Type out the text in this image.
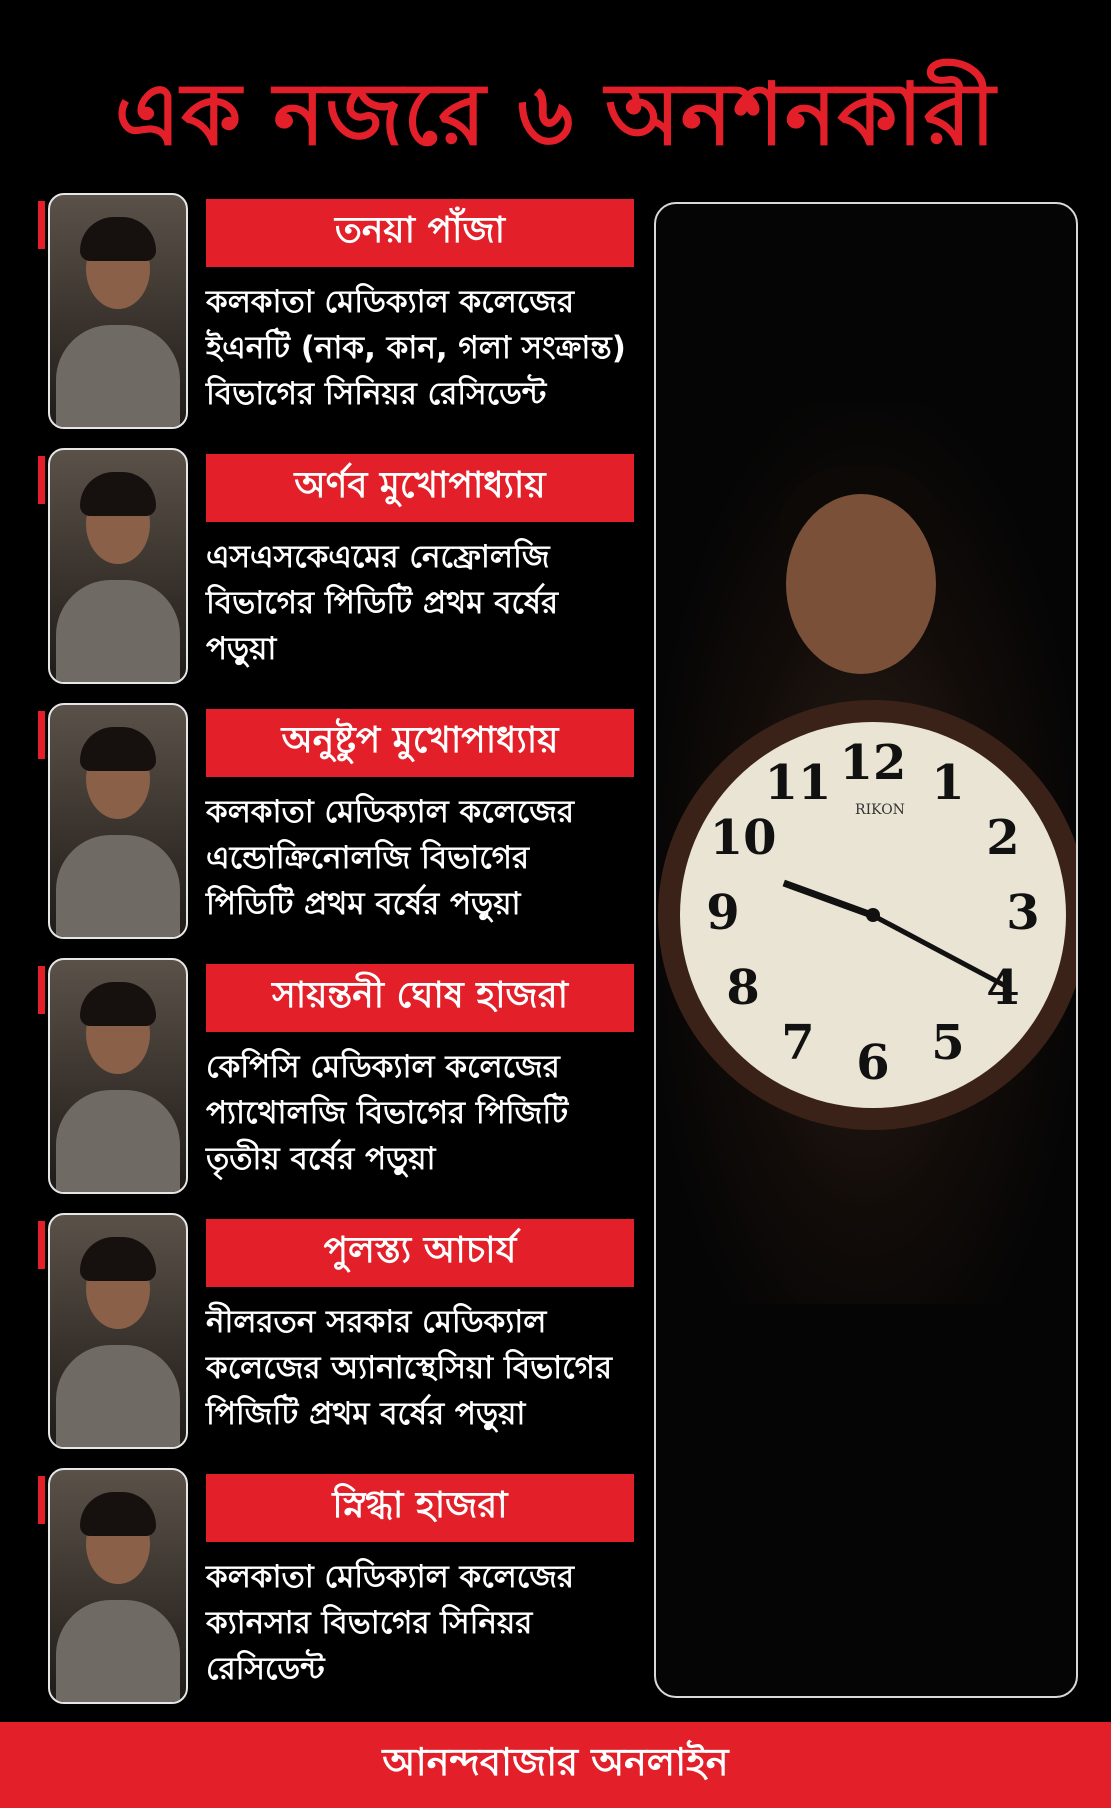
এক নজরে ৬ অনশনকারী
তনয়া পাঁজা
কলকাতা মেডিক্যাল কলেজের
ইএনটি (নাক, কান, গলা সংক্রান্ত)
বিভাগের সিনিয়র রেসিডেন্ট
অর্ণব মুখোপাধ্যায়
এসএসকেএমের নেফ্রোলজি
বিভাগের পিডিটি প্রথম বর্ষের
পড়ুয়া
অনুষ্টুপ মুখোপাধ্যায়
কলকাতা মেডিক্যাল কলেজের
এন্ডোক্রিনোলজি বিভাগের
পিডিটি প্রথম বর্ষের পড়ুয়া
সায়ন্তনী ঘোষ হাজরা
কেপিসি মেডিক্যাল কলেজের
প্যাথোলজি বিভাগের পিজিটি
তৃতীয় বর্ষের পড়ুয়া
পুলস্ত্য আচার্য
নীলরতন সরকার মেডিক্যাল
কলেজের অ্যানাস্থেসিয়া বিভাগের
পিজিটি প্রথম বর্ষের পড়ুয়া
স্নিগ্ধা হাজরা
কলকাতা মেডিক্যাল কলেজের
ক্যানসার বিভাগের সিনিয়র
রেসিডেন্ট
RIKON
12 1
2
3
4
5
6
7
8
9
10
11
আনন্দবাজার অনলাইন
